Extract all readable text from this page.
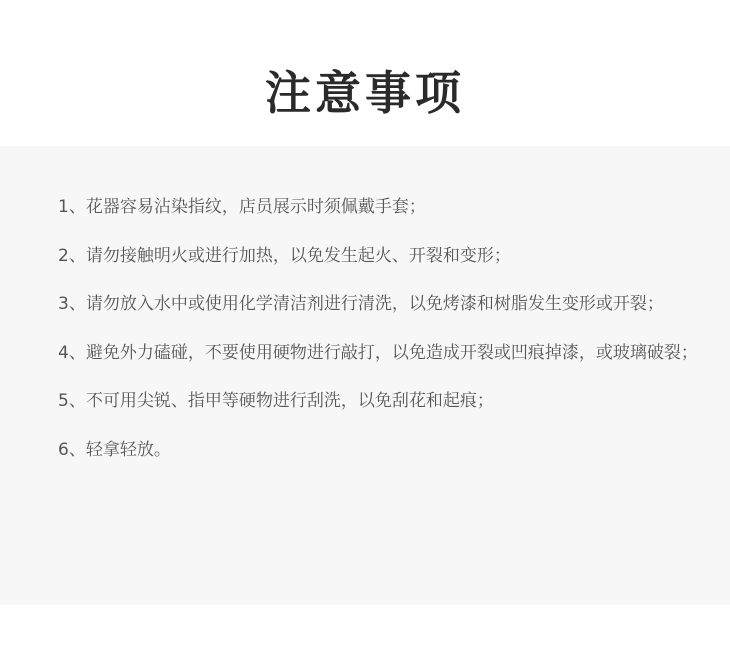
注意事项
1、花器容易沾染指纹，店员展示时须佩戴手套；
2、请勿接触明火或进行加热，以免发生起火、开裂和变形；
3、请勿放入水中或使用化学清洁剂进行清洗，以免烤漆和树脂发生变形或开裂；
4、避免外力磕碰，不要使用硬物进行敲打，以免造成开裂或凹痕掉漆，或玻璃破裂；
5、不可用尖锐、指甲等硬物进行刮洗，以免刮花和起痕；
6、轻拿轻放。
